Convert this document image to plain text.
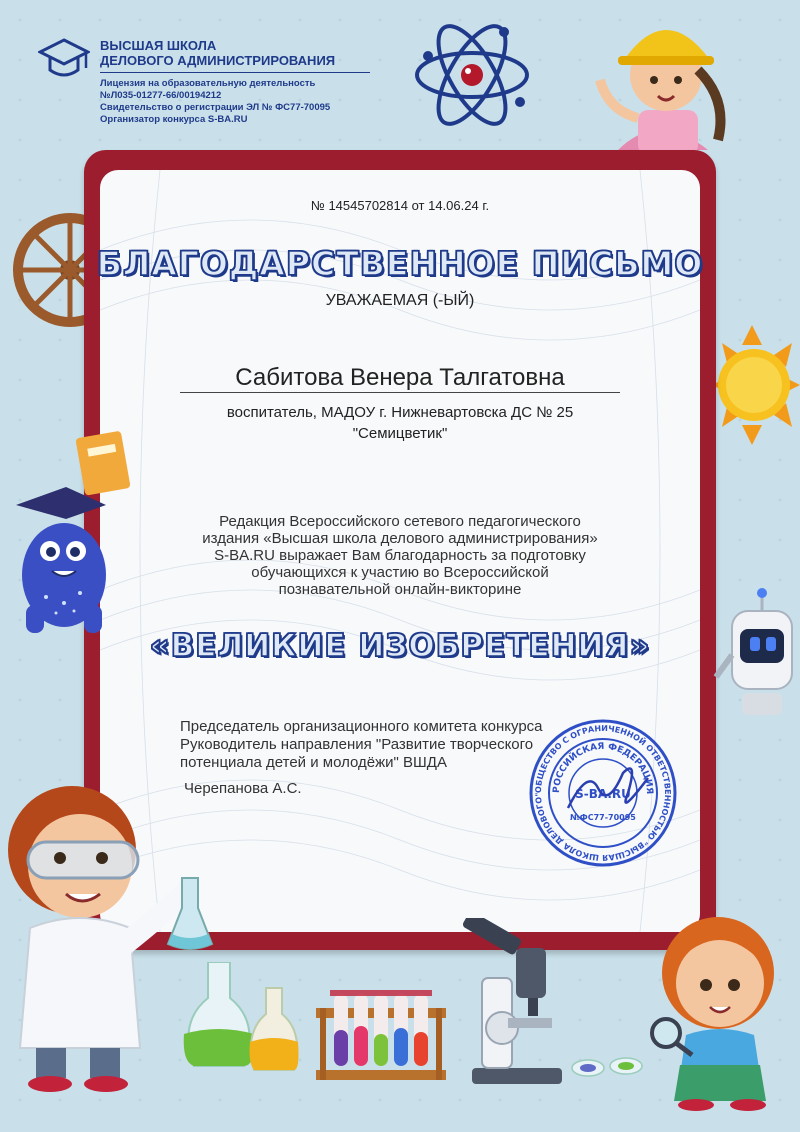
ВЫСШАЯ ШКОЛА
ДЕЛОВОГО АДМИНИСТРИРОВАНИЯ
Лицензия на образовательную деятельность
№Л035-01277-66/00194212
Свидетельство о регистрации ЭЛ № ФС77-70095
Организатор конкурса S-BA.RU
№ 14545702814 от 14.06.24 г.
БЛАГОДАРСТВЕННОЕ ПИСЬМО
УВАЖАЕМАЯ (-ЫЙ)
Сабитова Венера Талгатовна
воспитатель, МАДОУ г. Нижневартовска ДС № 25
"Семицветик"
Редакция Всероссийского сетевого педагогического
издания «Высшая школа делового администрирования»
S-BA.RU выражает Вам благодарность за подготовку
обучающихся к участию во Всероссийской
познавательной онлайн-викторине
«ВЕЛИКИЕ ИЗОБРЕТЕНИЯ»
Председатель организационного комитета конкурса
Руководитель направления "Развитие творческого
потенциала детей и молодёжи" ВШДА
Черепанова А.С.	ОБЩЕСТВО С ОГРАНИЧЕННОЙ ОТВЕТСТВЕННОСТЬЮ "ВЫСШАЯ ШКОЛА ДЕЛОВОГО"
РОССИЙСКАЯ ФЕДЕРАЦИЯ
S-BA.RU
№ФС77-70095
